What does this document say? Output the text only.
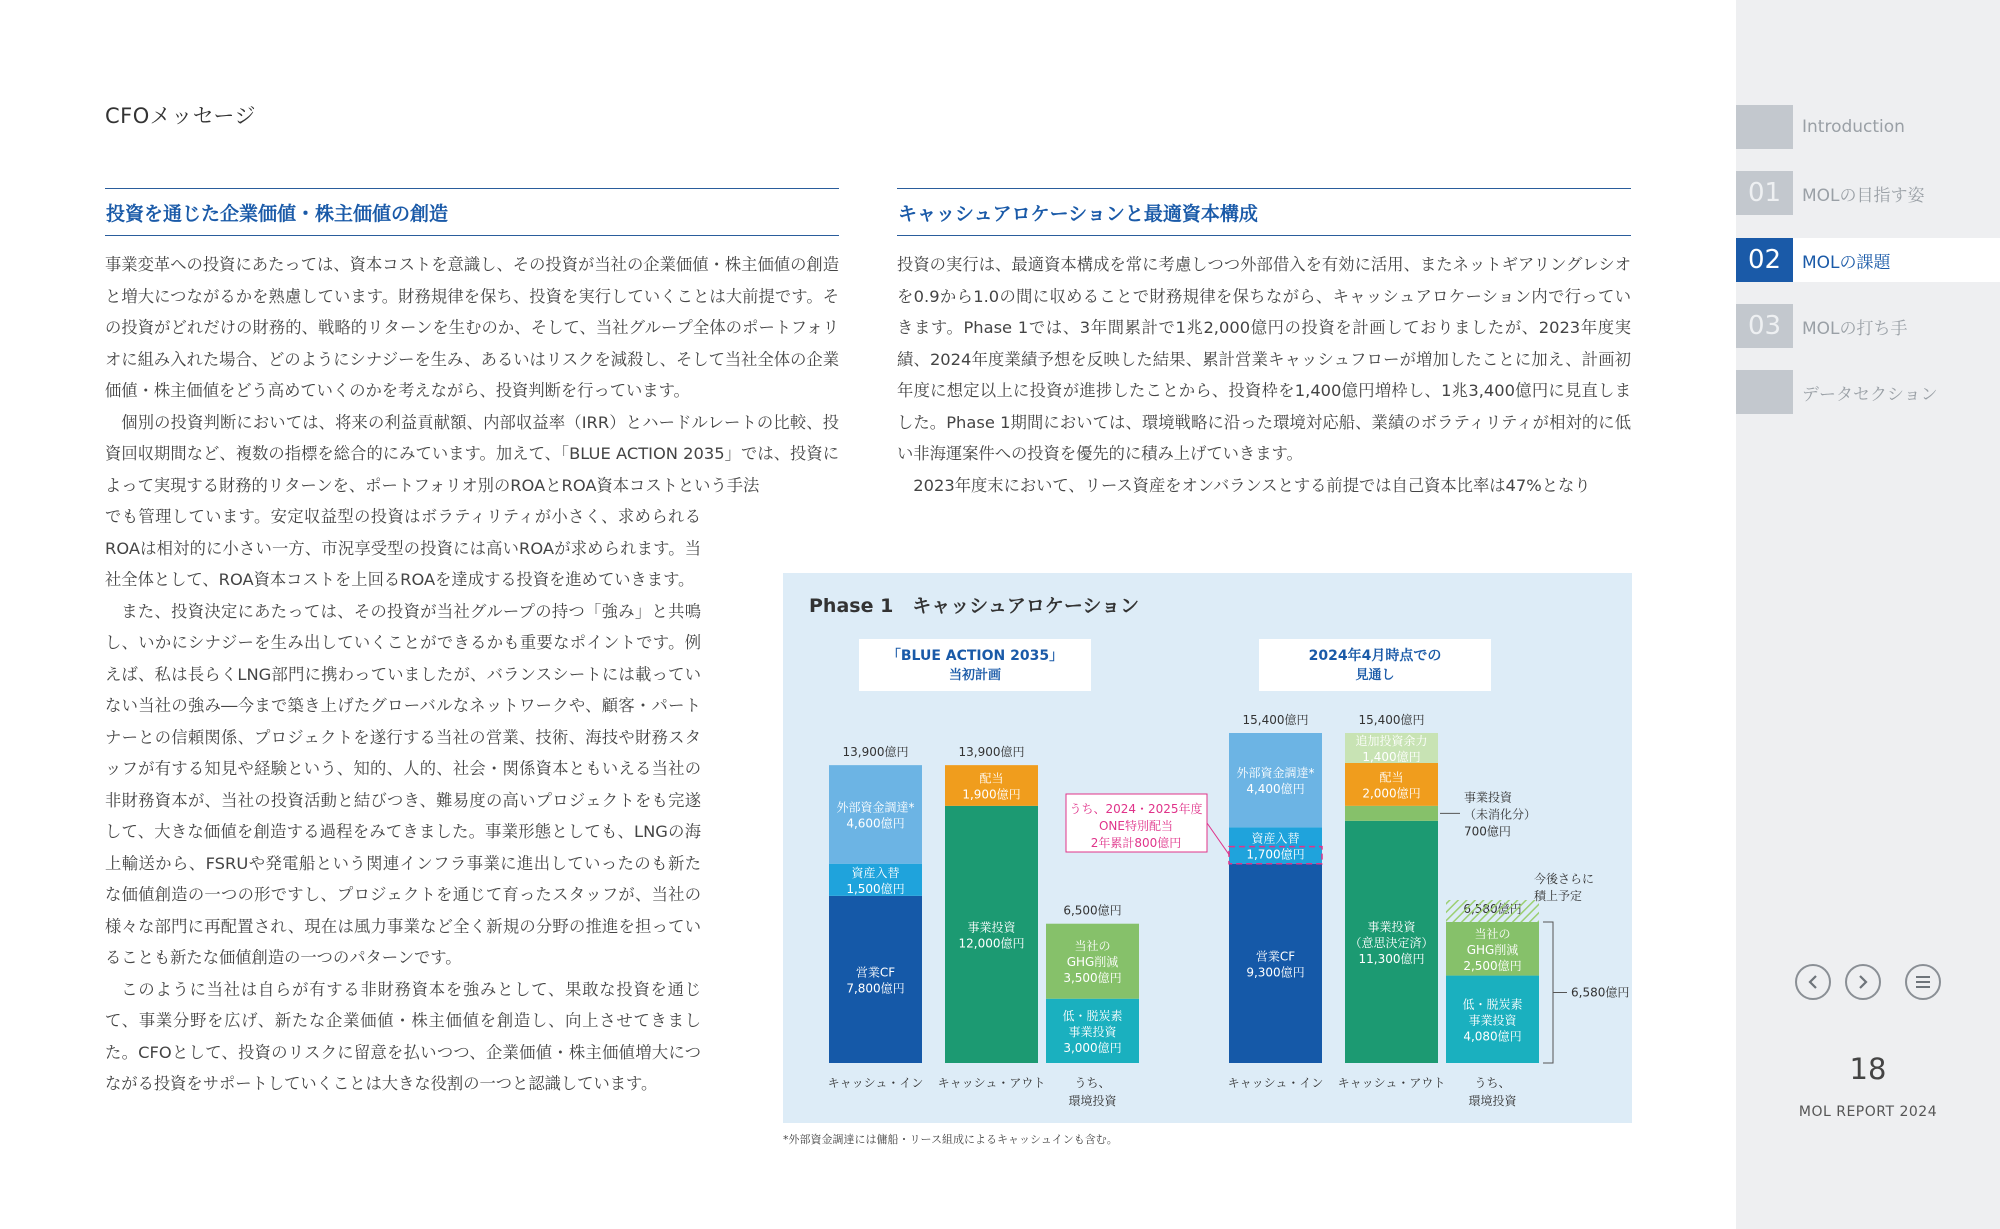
CFOメッセージ
投資を通じた企業価値・株主価値の創造

事業変革への投資にあたっては、資本コストを意識し、その投資が当社の企業価値・株主価値の創造と増大につながるかを熟慮しています。財務規律を保ち、投資を実行していくことは大前提です。その投資がどれだけの財務的、戦略的リターンを生むのか、そして、当社グループ全体のポートフォリオに組み入れた場合、どのようにシナジーを生み、あるいはリスクを減殺し、そして当社全体の企業価値・株主価値をどう高めていくのかを考えながら、投資判断を行っています。

個別の投資判断においては、将来の利益貢献額、内部収益率（IRR）とハードルレートの比較、投資回収期間など、複数の指標を総合的にみています。加えて、「BLUE ACTION 2035」では、投資によって実現する財務的リターンを、ポートフォリオ別のROAとROA資本コストという手法

でも管理しています。安定収益型の投資はボラティリティが小さく、求められるROAは相対的に小さい一方、市況享受型の投資には高いROAが求められます。当社全体として、ROA資本コストを上回るROAを達成する投資を進めていきます。

また、投資決定にあたっては、その投資が当社グループの持つ「強み」と共鳴し、いかにシナジーを生み出していくことができるかも重要なポイントです。例えば、私は長らくLNG部門に携わっていましたが、バランスシートには載っていない当社の強み―今まで築き上げたグローバルなネットワークや、顧客・パートナーとの信頼関係、プロジェクトを遂行する当社の営業、技術、海技や財務スタッフが有する知見や経験という、知的、人的、社会・関係資本ともいえる当社の非財務資本が、当社の投資活動と結びつき、難易度の高いプロジェクトをも完遂して、大きな価値を創造する過程をみてきました。事業形態としても、LNGの海上輸送から、FSRUや発電船という関連インフラ事業に進出していったのも新たな価値創造の一つの形ですし、プロジェクトを通じて育ったスタッフが、当社の様々な部門に再配置され、現在は風力事業など全く新規の分野の推進を担っていることも新たな価値創造の一つのパターンです。

このように当社は自らが有する非財務資本を強みとして、果敢な投資を通じて、事業分野を広げ、新たな企業価値・株主価値を創造し、向上させてきました。CFOとして、投資のリスクに留意を払いつつ、企業価値・株主価値増大につながる投資をサポートしていくことは大きな役割の一つと認識しています。

キャッシュアロケーションと最適資本構成

投資の実行は、最適資本構成を常に考慮しつつ外部借入を有効に活用、またネットギアリングレシオを0.9から1.0の間に収めることで財務規律を保ちながら、キャッシュアロケーション内で行っていきます。Phase 1では、3年間累計で1兆2,000億円の投資を計画しておりましたが、2023年度実績、2024年度業績予想を反映した結果、累計営業キャッシュフローが増加したことに加え、計画初年度に想定以上に投資が進捗したことから、投資枠を1,400億円増枠し、1兆3,400億円に見直しました。Phase 1期間においては、環境戦略に沿った環境対応船、業績のボラティリティが相対的に低い非海運案件への投資を優先的に積み上げていきます。

2023年度末において、リース資産をオンバランスとする前提では自己資本比率は47%となり

Phase 1　キャッシュアロケーション
「BLUE ACTION 2035」
当初計画
営業CF
7,800億円
資産入替
1,500億円
外部資金調達*
4,600億円
13,900億円
キャッシュ・イン
事業投資
12,000億円
配当
1,900億円
13,900億円
キャッシュ・アウト
低・脱炭素
事業投資
3,000億円
当社の
GHG削減
3,500億円
6,500億円
うち、
環境投資
2024年4月時点での
見通し
営業CF
9,300億円
資産入替
1,700億円
外部資金調達*
4,400億円
15,400億円
キャッシュ・イン
事業投資
（意思決定済）
11,300億円
事業投資
（未消化分）
700億円
配当
2,000億円
追加投資余力
1,400億円
15,400億円
キャッシュ・アウト
低・脱炭素
事業投資
4,080億円
当社の
GHG削減
2,500億円
うち、
環境投資
うち、2024・2025年度
ONE特別配当
2年累計800億円
今後さらに
積上予定
6,580億円
*外部資金調達には傭船・リース組成によるキャッシュインも含む。
Introduction
01	MOLの目指す姿
02	MOLの課題
03	MOLの打ち手
データセクション
18
MOL REPORT 2024
